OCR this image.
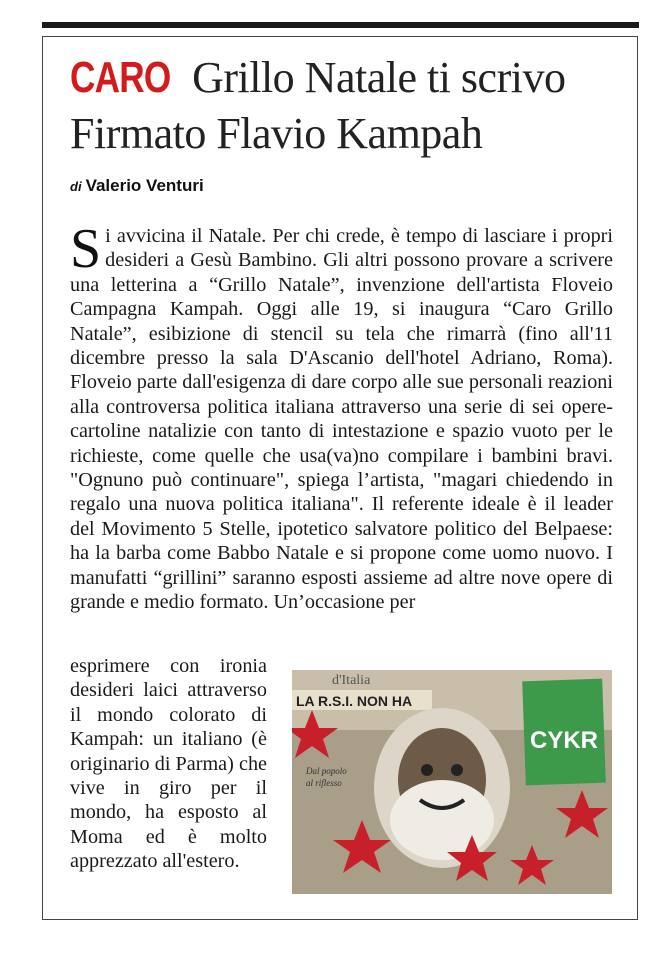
CARO Grillo Natale ti scrivo
Firmato Flavio Kampah
di Valerio Venturi
S i avvicina il Natale. Per chi crede, è tempo di lasciare i propri desideri a Gesù Bambino. Gli altri possono provare a scrivere una letterina a “Grillo Natale”, invenzione dell'artista Floveio Campagna Kampah. Oggi alle 19, si inaugura “Caro Grillo Natale”, esibizione di stencil su tela che rimarrà (fino all'11 dicembre presso la sala D'Ascanio dell'hotel Adriano, Roma). Floveio parte dall'esigenza di dare corpo alle sue personali reazioni alla controversa politica italiana attraverso una serie di sei opere-cartoline natalizie con tanto di intestazione e spazio vuoto per le richieste, come quelle che usa(va)no compilare i bambini bravi. "Ognuno può continuare", spiega l’artista, "magari chiedendo in regalo una nuova politica italiana". Il referente ideale è il leader del Movimento 5 Stelle, ipotetico salvatore politico del Belpaese: ha la barba come Babbo Natale e si propone come uomo nuovo. I manufatti “grillini” saranno esposti assieme ad altre nove opere di grande e medio formato. Un’occasione per

esprimere con ironia desideri laici attraverso il mondo colorato di Kampah: un italiano (è originario di Parma) che vive in giro per il mondo, ha esposto al Moma ed è molto apprezzato all'estero.

d'Italia
LA R.S.I. NON HA
Dal popolo
al riflesso
CYKR
